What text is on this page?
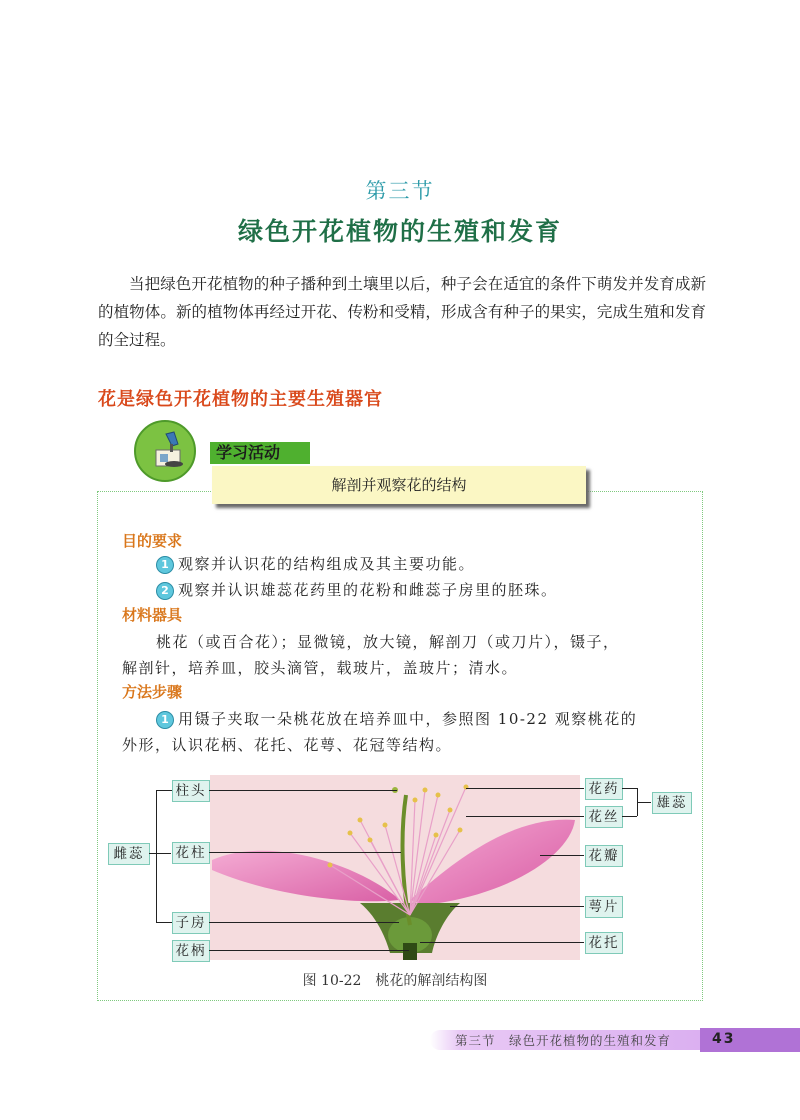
第三节
绿色开花植物的生殖和发育
当把绿色开花植物的种子播种到土壤里以后，种子会在适宜的条件下萌发并发育成新的植物体。新的植物体再经过开花、传粉和受精，形成含有种子的果实，完成生殖和发育的全过程。
花是绿色开花植物的主要生殖器官
学习活动
解剖并观察花的结构
目的要求
1 观察并认识花的结构组成及其主要功能。
2 观察并认识雄蕊花药里的花粉和雌蕊子房里的胚珠。
材料器具
桃花（或百合花）；显微镜，放大镜，解剖刀（或刀片），镊子，
解剖针，培养皿，胶头滴管，载玻片，盖玻片；清水。
方法步骤
1 用镊子夹取一朵桃花放在培养皿中，参照图 10-22 观察桃花的
外形，认识花柄、花托、花萼、花冠等结构。
柱头
花柱
子房
花柄
雌蕊
花药
花丝
雄蕊
花瓣
萼片
花托
图 10-22　桃花的解剖结构图
第三节　绿色开花植物的生殖和发育	43
